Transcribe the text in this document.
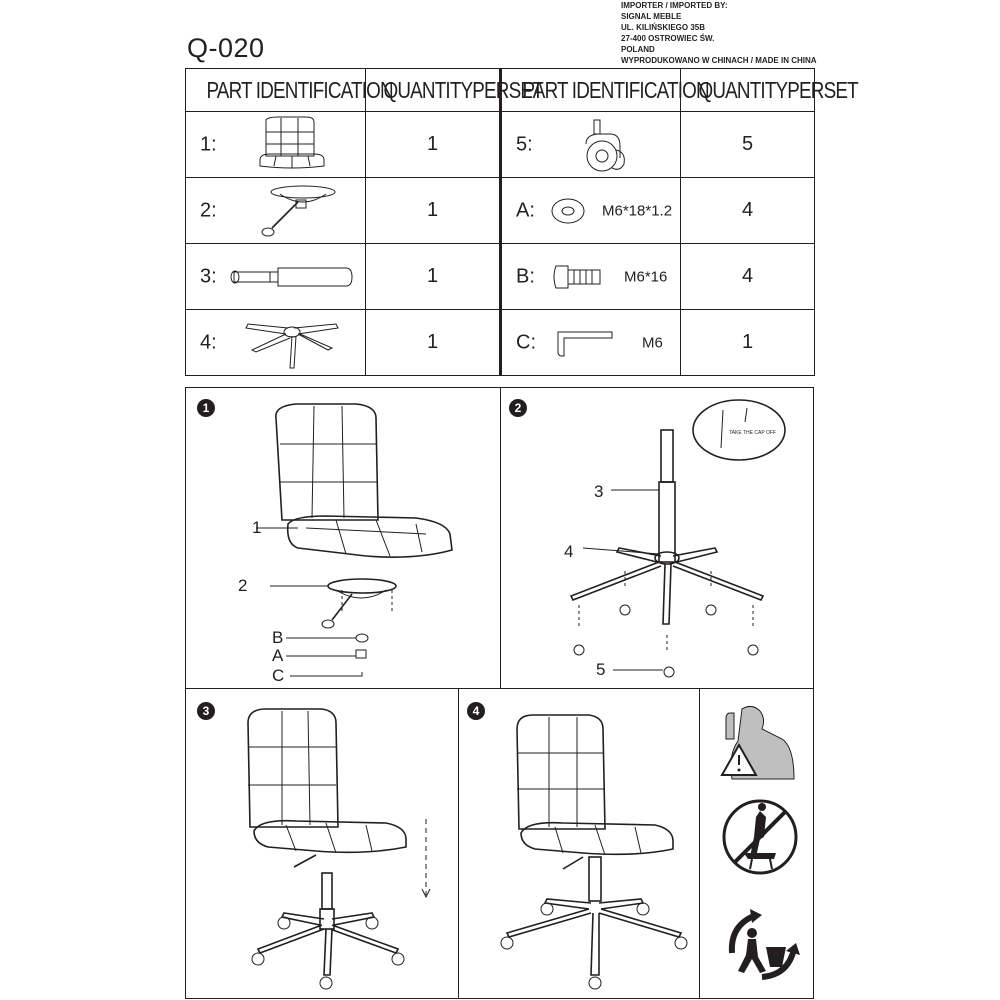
Q-020
IMPORTER / IMPORTED BY:
SIGNAL MEBLE
UL. KILIŃSKIEGO 35B
27-400 OSTROWIEC ŚW.
POLAND
WYPRODUKOWANO W CHINACH / MADE IN CHINA
PART IDENTIFICATION	QUANTITYPERSET	PART IDENTIFICATION	QUANTITYPERSET

1:	1	5:	5

2:	1	A: M6*18*1.2	4

3:	1	B: M6*16	4

4:	1	C: M6	1
1
1
2
B
A
C
2
TAKE THE CAP OFF
3
4
5
3	4
